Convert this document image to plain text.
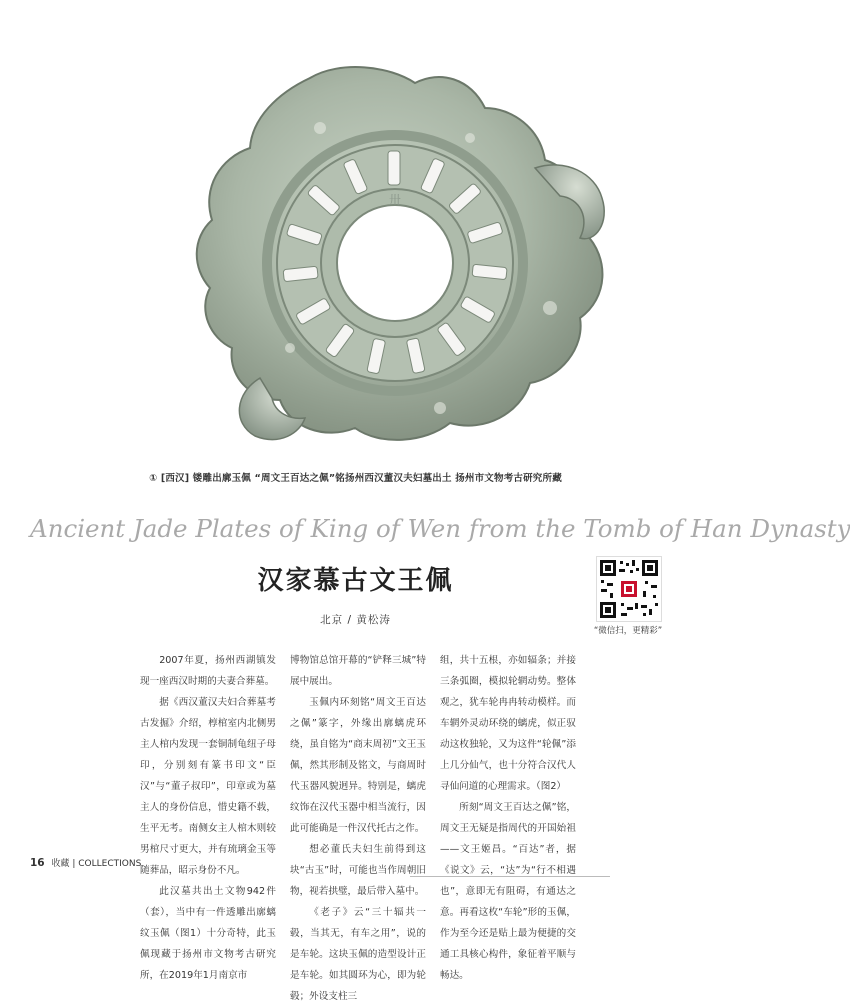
卅
① [西汉] 镂雕出廓玉佩 “周文王百达之佩”铭扬州西汉董汉夫妇墓出土 扬州市文物考古研究所藏
Ancient Jade Plates of King of Wen from the Tomb of Han Dynasty
汉家慕古文王佩
北京 / 黄松涛
“微信扫，更精彩”

2007年夏，扬州西湖镇发现一座西汉时期的夫妻合葬墓。

据《西汉董汉夫妇合葬墓考古发掘》介绍，椁棺室内北侧男主人棺内发现一套铜制龟纽子母印，分别刻有篆书印文“臣汉”与“董子叔印”，印章或为墓主人的身份信息，惜史籍不载，生平无考。南侧女主人棺木则较男棺尺寸更大，并有琉璃金玉等随葬品，昭示身份不凡。

此汉墓共出土文物942件（套），当中有一件透雕出廓螭纹玉佩（图1）十分奇特，此玉佩现藏于扬州市文物考古研究所，在2019年1月南京市

博物馆总馆开幕的“铲释三城”特展中展出。

玉佩内环刻铭“周文王百达之佩”篆字，外缘出廓螭虎环绕，虽自铭为“商末周初”文王玉佩，然其形制及铭文，与商周时代玉器风貌迥异。特别是，螭虎纹饰在汉代玉器中相当流行，因此可能确是一件汉代托古之作。

想必董氏夫妇生前得到这块“古玉”时，可能也当作周朝旧物，视若拱璧，最后带入墓中。

《老子》云“三十辐共一毂，当其无，有车之用”，说的是车轮。这块玉佩的造型设计正是车轮。如其圆环为心，即为轮毂；外设支柱三

组，共十五根，亦如辐条；并接三条弧圈，模拟轮辋动势。整体观之，犹车轮冉冉转动模样。而车辋外灵动环绕的螭虎，似正驭动这枚独轮，又为这件“轮佩”添上几分仙气，也十分符合汉代人寻仙问道的心理需求。（图2）

所刻“周文王百达之佩”铭，周文王无疑是指周代的开国始祖——文王姬昌。“百达”者，据《说文》云，“达”为“行不相遇也”，意即无有阻碍，有通达之意。再看这枚“车轮”形的玉佩，作为至今还是贴上最为便捷的交通工具核心构件，象征着平顺与畅达。

16 收藏 | COLLECTIONS
